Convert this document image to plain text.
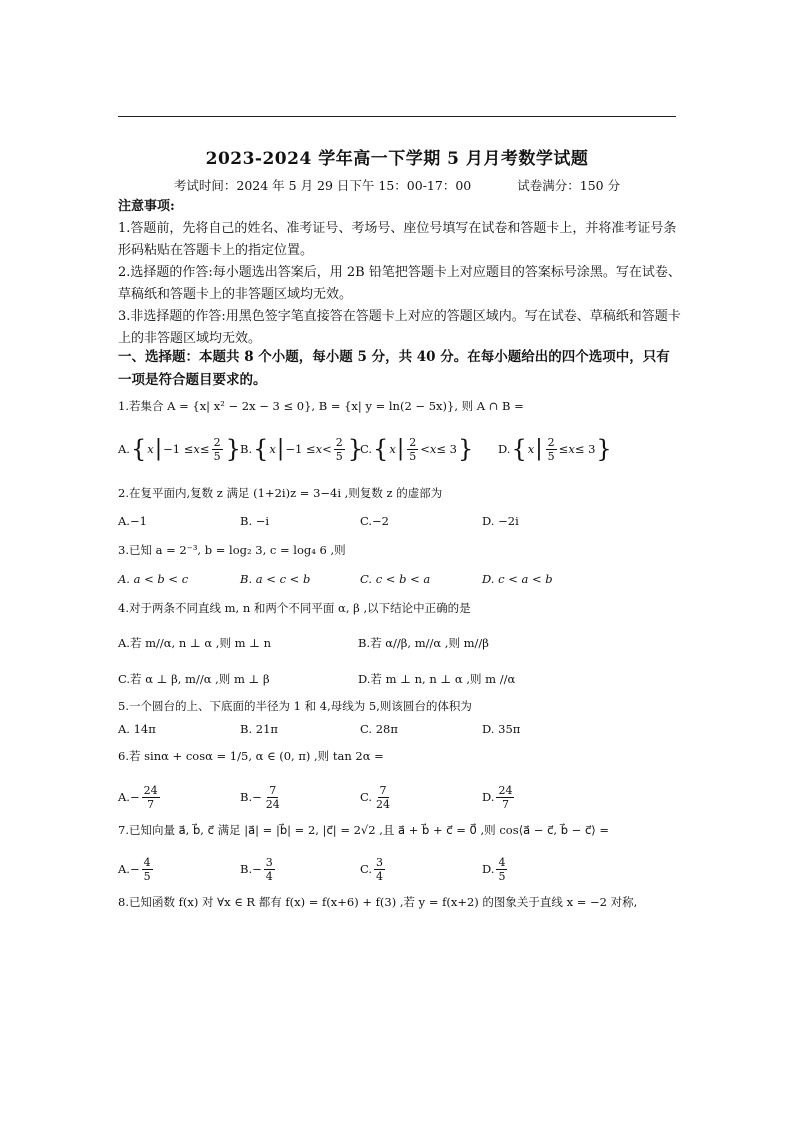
2023-2024 学年高一下学期 5 月月考数学试题
考试时间：2024 年 5 月 29 日下午 15：00-17：00	试卷满分：150 分
注意事项:
1.答题前，先将自己的姓名、准考证号、考场号、座位号填写在试卷和答题卡上，并将准考证号条形码粘贴在答题卡上的指定位置。
2.选择题的作答:每小题选出答案后，用 2B 铅笔把答题卡上对应题目的答案标号涂黑。写在试卷、草稿纸和答题卡上的非答题区域均无效。
3.非选择题的作答:用黑色签字笔直接答在答题卡上对应的答题区域内。写在试卷、草稿纸和答题卡上的非答题区域均无效。
一、选择题：本题共 8 个小题，每小题 5 分，共 40 分。在每小题给出的四个选项中，只有一项是符合题目要求的。
1.若集合 A = {x| x² − 2x − 3 ≤ 0}, B = {x| y = ln(2 − 5x)}, 则 A ∩ B =
A. { x | $-1 \le x \le \frac{2}{5}$ } B. { x | $-1 \le x < \frac{2}{5}$ }
C. { x | $\frac{2}{5} < x \le 3$ } D. { x | $\frac{2}{5} \le x \le 3$ }
2.在复平面内,复数 z 满足 (1+2i)z = 3−4i ,则复数 z 的虚部为
A.−1	B. −i	C.−2	D. −2i
3.已知 a = 2⁻³, b = log₂ 3, c = log₄ 6 ,则
A. a < b < c	B. a < c < b	C. c < b < a	D. c < a < b
4.对于两条不同直线 m, n 和两个不同平面 α, β ,以下结论中正确的是
A.若 m//α, n ⊥ α ,则 m ⊥ n	B.若 α//β, m//α ,则 m//β
C.若 α ⊥ β, m//α ,则 m ⊥ β	D.若 m ⊥ n, n ⊥ α ,则 m //α
5.一个圆台的上、下底面的半径为 1 和 4,母线为 5,则该圆台的体积为
A. 14π	B. 21π	C. 28π	D. 35π
6.若 sinα + cosα = 1/5, α ∈ (0, π) ,则 tan 2α =
A. − $\frac{24}{7}$	B. − $\frac{7}{24}$	C. $\frac{7}{24}$	D. $\frac{24}{7}$
7.已知向量 a⃗, b⃗, c⃗ 满足 |a⃗| = |b⃗| = 2, |c⃗| = 2√2 ,且 a⃗ + b⃗ + c⃗ = 0⃗ ,则 cos⟨a⃗ − c⃗, b⃗ − c⃗⟩ =
A. − $\frac{4}{5}$	B. − $\frac{3}{4}$	C. $\frac{3}{4}$	D. $\frac{4}{5}$
8.已知函数 f(x) 对 ∀x ∈ R 都有 f(x) = f(x+6) + f(3) ,若 y = f(x+2) 的图象关于直线 x = −2 对称,
